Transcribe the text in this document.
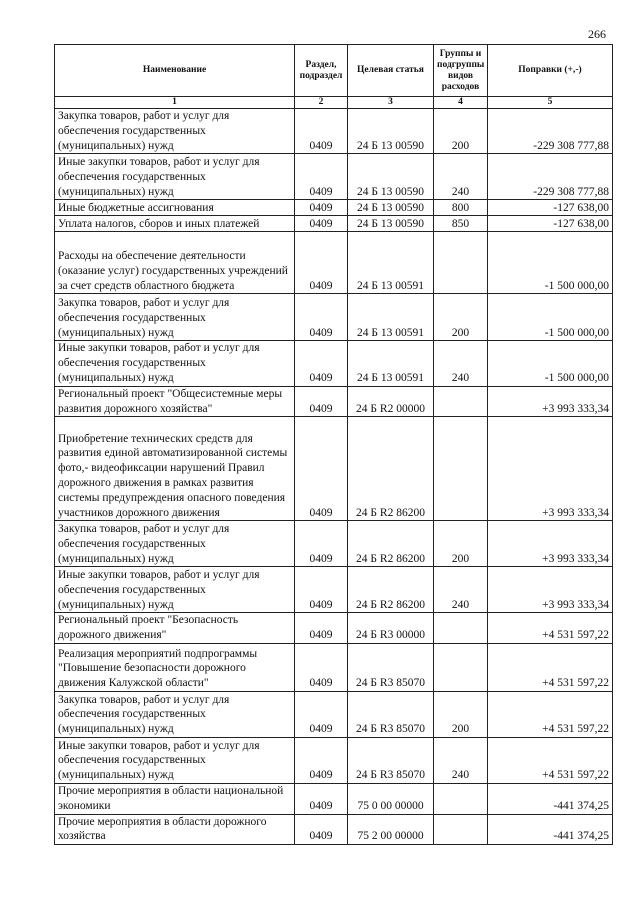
266
Наименование	Раздел, подраздел	Целевая статья	Группы и подгруппы видов расходов	Поправки (+,-)
1	2	3	4	5
Закупка товаров, работ и услуг для обеспечения государственных (муниципальных) нужд	0409	24 Б 13 00590	200	-229 308 777,88
Иные закупки товаров, работ и услуг для обеспечения государственных (муниципальных) нужд	0409	24 Б 13 00590	240	-229 308 777,88
Иные бюджетные ассигнования	0409	24 Б 13 00590	800	-127 638,00
Уплата налогов, сборов и иных платежей	0409	24 Б 13 00590	850	-127 638,00
Расходы на обеспечение деятельности (оказание услуг) государственных учреждений за счет средств областного бюджета	0409	24 Б 13 00591		-1 500 000,00
Закупка товаров, работ и услуг для обеспечения государственных (муниципальных) нужд	0409	24 Б 13 00591	200	-1 500 000,00
Иные закупки товаров, работ и услуг для обеспечения государственных (муниципальных) нужд	0409	24 Б 13 00591	240	-1 500 000,00
Региональный проект "Общесистемные меры развития дорожного хозяйства"	0409	24 Б R2 00000		+3 993 333,34
Приобретение технических средств для развития единой автоматизированной системы фото,- видеофиксации нарушений Правил дорожного движения в рамках развития системы предупреждения опасного поведения участников дорожного движения	0409	24 Б R2 86200		+3 993 333,34
Закупка товаров, работ и услуг для обеспечения государственных (муниципальных) нужд	0409	24 Б R2 86200	200	+3 993 333,34
Иные закупки товаров, работ и услуг для обеспечения государственных (муниципальных) нужд	0409	24 Б R2 86200	240	+3 993 333,34
Региональный проект "Безопасность дорожного движения"	0409	24 Б R3 00000		+4 531 597,22
Реализация мероприятий подпрограммы "Повышение безопасности дорожного движения Калужской области"	0409	24 Б R3 85070		+4 531 597,22
Закупка товаров, работ и услуг для обеспечения государственных (муниципальных) нужд	0409	24 Б R3 85070	200	+4 531 597,22
Иные закупки товаров, работ и услуг для обеспечения государственных (муниципальных) нужд	0409	24 Б R3 85070	240	+4 531 597,22
Прочие мероприятия в области национальной экономики	0409	75 0 00 00000		-441 374,25
Прочие мероприятия в области дорожного хозяйства	0409	75 2 00 00000		-441 374,25
